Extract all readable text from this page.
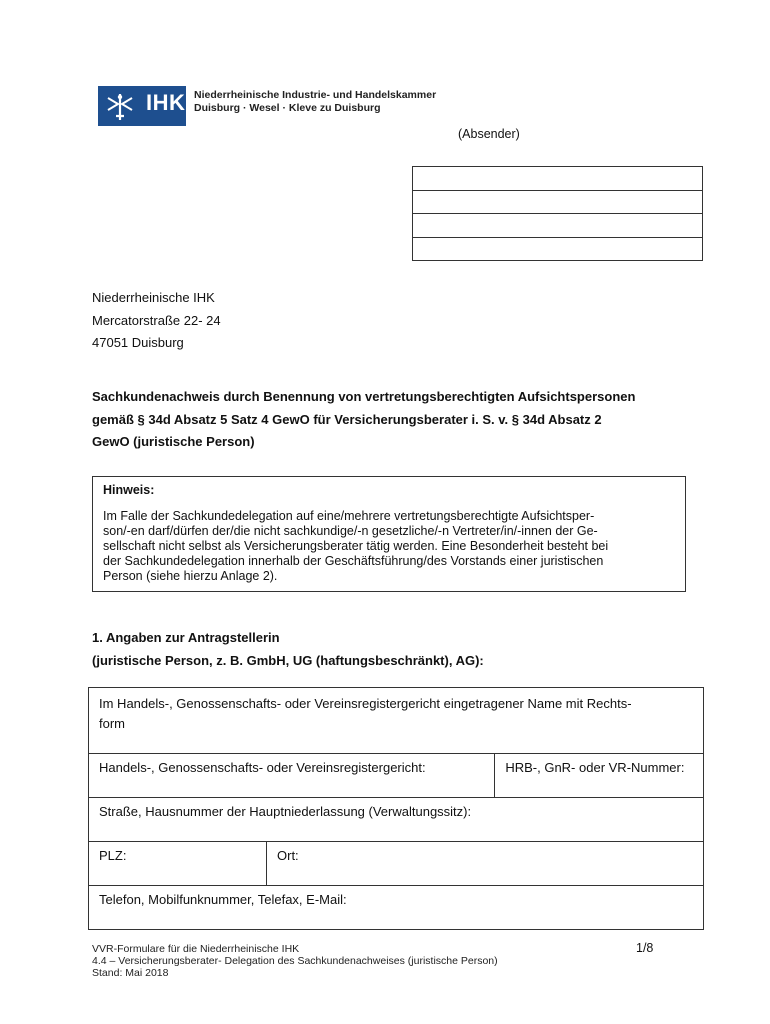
IHK Niederrheinische Industrie- und Handelskammer
Duisburg · Wesel · Kleve zu Duisburg
(Absender)
Niederrheinische IHK
Mercatorstraße 22- 24
47051 Duisburg
Sachkundenachweis durch Benennung von vertretungsberechtigten Aufsichtspersonen
gemäß § 34d Absatz 5 Satz 4 GewO für Versicherungsberater i. S. v. § 34d Absatz 2
GewO (juristische Person)
Hinweis:
Im Falle der Sachkundedelegation auf eine/mehrere vertretungsberechtigte Aufsichtsper-
son/-en darf/dürfen der/die nicht sachkundige/-n gesetzliche/-n Vertreter/in/-innen der Ge-
sellschaft nicht selbst als Versicherungsberater tätig werden. Eine Besonderheit besteht bei
der Sachkundedelegation innerhalb der Geschäftsführung/des Vorstands einer juristischen
Person (siehe hierzu Anlage 2).
1. Angaben zur Antragstellerin
(juristische Person, z. B. GmbH, UG (haftungsbeschränkt), AG):
Im Handels-, Genossenschafts- oder Vereinsregistergericht eingetragener Name mit Rechts-
form		

Handels-, Genossenschafts- oder Vereinsregistergericht:		HRB-, GnR- oder VR-Nummer:
Straße, Hausnummer der Hauptniederlassung (Verwaltungssitz):		
PLZ:	Ort:	
Telefon, Mobilfunknummer, Telefax, E-Mail:		
VVR-Formulare für die Niederrheinische IHK
4.4 – Versicherungsberater- Delegation des Sachkundenachweises (juristische Person)
Stand: Mai 2018
1/8
